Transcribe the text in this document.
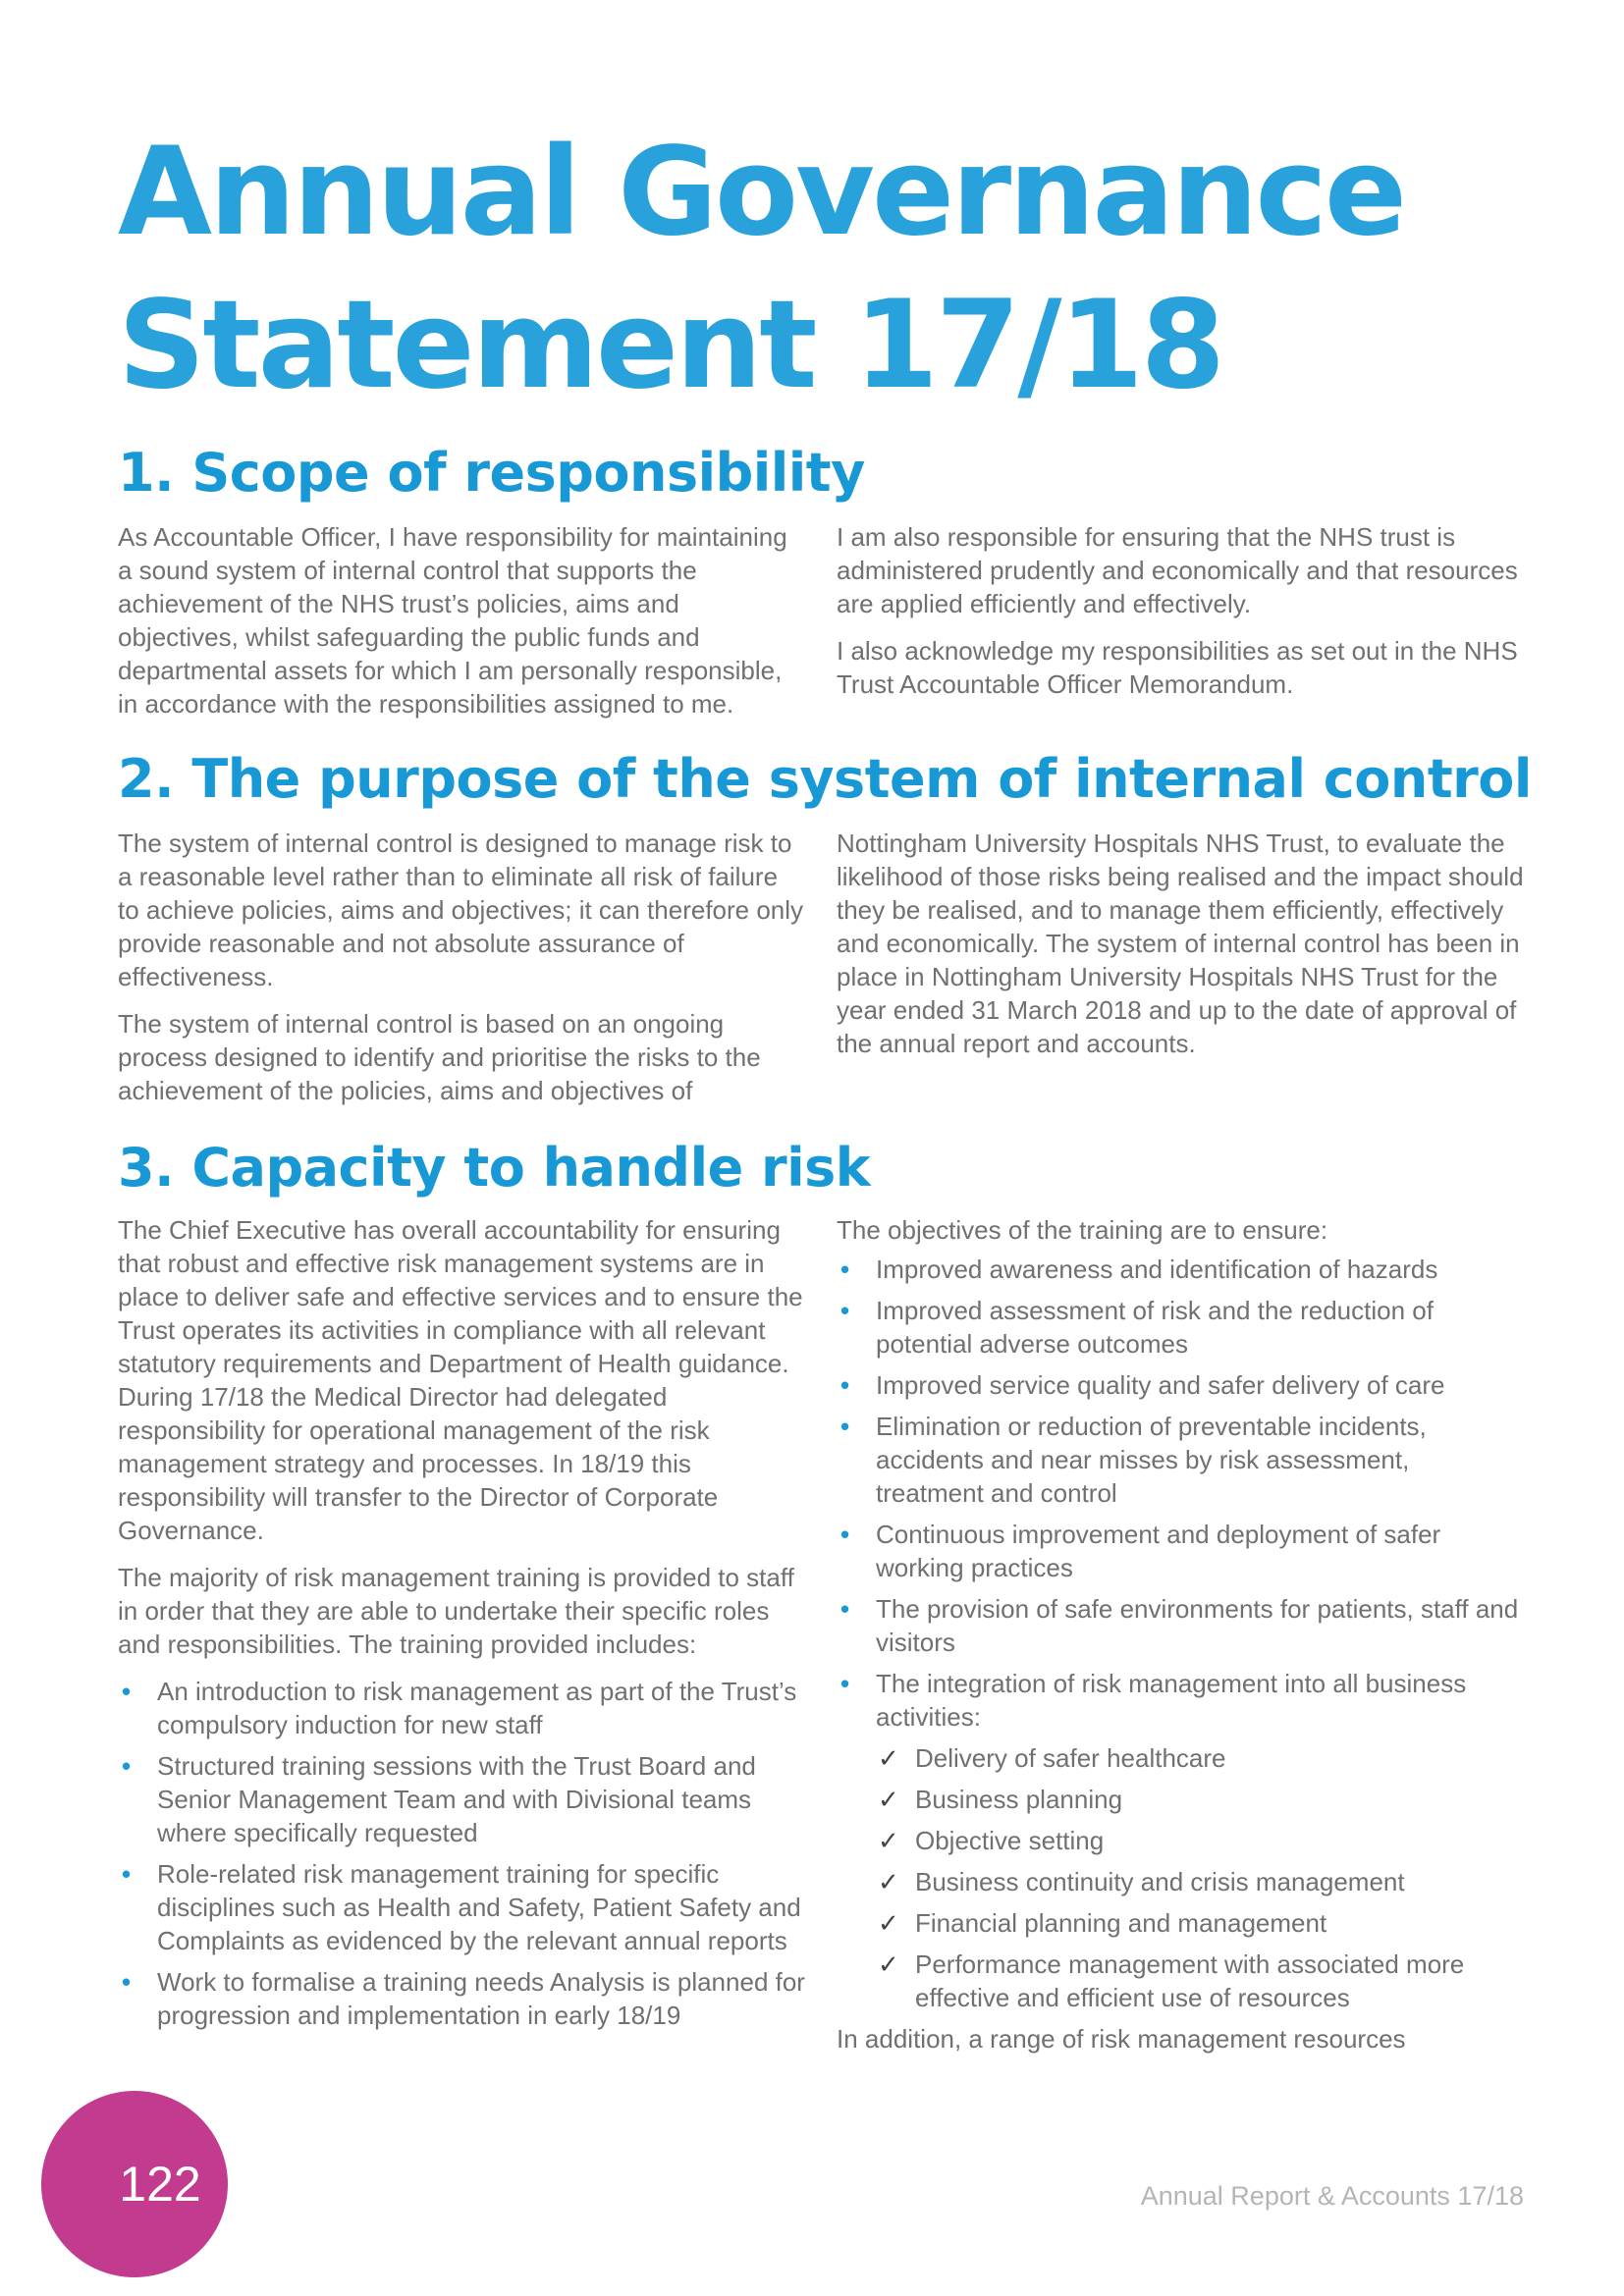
Annual Governance
Statement 17/18
1. Scope of responsibility

As Accountable Officer, I have responsibility for maintaining a sound system of internal control that supports the achievement of the NHS trust’s policies, aims and objectives, whilst safeguarding the public funds and departmental assets for which I am personally responsible, in accordance with the responsibilities assigned to me.

I am also responsible for ensuring that the NHS trust is administered prudently and economically and that resources are applied efficiently and effectively.

I also acknowledge my responsibilities as set out in the NHS Trust Accountable Officer Memorandum.

2. The purpose of the system of internal control

The system of internal control is designed to manage risk to a reasonable level rather than to eliminate all risk of failure to achieve policies, aims and objectives; it can therefore only provide reasonable and not absolute assurance of effectiveness.

The system of internal control is based on an ongoing process designed to identify and prioritise the risks to the achievement of the policies, aims and objectives of

Nottingham University Hospitals NHS Trust, to evaluate the likelihood of those risks being realised and the impact should they be realised, and to manage them efficiently, effectively and economically. The system of internal control has been in place in Nottingham University Hospitals NHS Trust for the year ended 31 March 2018 and up to the date of approval of the annual report and accounts.

3. Capacity to handle risk

The Chief Executive has overall accountability for ensuring that robust and effective risk management systems are in place to deliver safe and effective services and to ensure the Trust operates its activities in compliance with all relevant statutory requirements and Department of Health guidance. During 17/18 the Medical Director had delegated responsibility for operational management of the risk management strategy and processes. In 18/19 this responsibility will transfer to the Director of Corporate Governance.

The majority of risk management training is provided to staff in order that they are able to undertake their specific roles and responsibilities. The training provided includes:

• An introduction to risk management as part of the Trust’s compulsory induction for new staff
• Structured training sessions with the Trust Board and Senior Management Team and with Divisional teams where specifically requested
• Role-related risk management training for specific disciplines such as Health and Safety, Patient Safety and Complaints as evidenced by the relevant annual reports
• Work to formalise a training needs Analysis is planned for progression and implementation in early 18/19

The objectives of the training are to ensure:

• Improved awareness and identification of hazards
• Improved assessment of risk and the reduction of potential adverse outcomes
• Improved service quality and safer delivery of care
• Elimination or reduction of preventable incidents, accidents and near misses by risk assessment, treatment and control
• Continuous improvement and deployment of safer working practices
• The provision of safe environments for patients, staff and visitors
• The integration of risk management into all business activities:
✓ Delivery of safer healthcare
✓ Business planning
✓ Objective setting
✓ Business continuity and crisis management
✓ Financial planning and management
✓ Performance management with associated more effective and efficient use of resources

In addition, a range of risk management resources

122	Annual Report & Accounts 17/18
